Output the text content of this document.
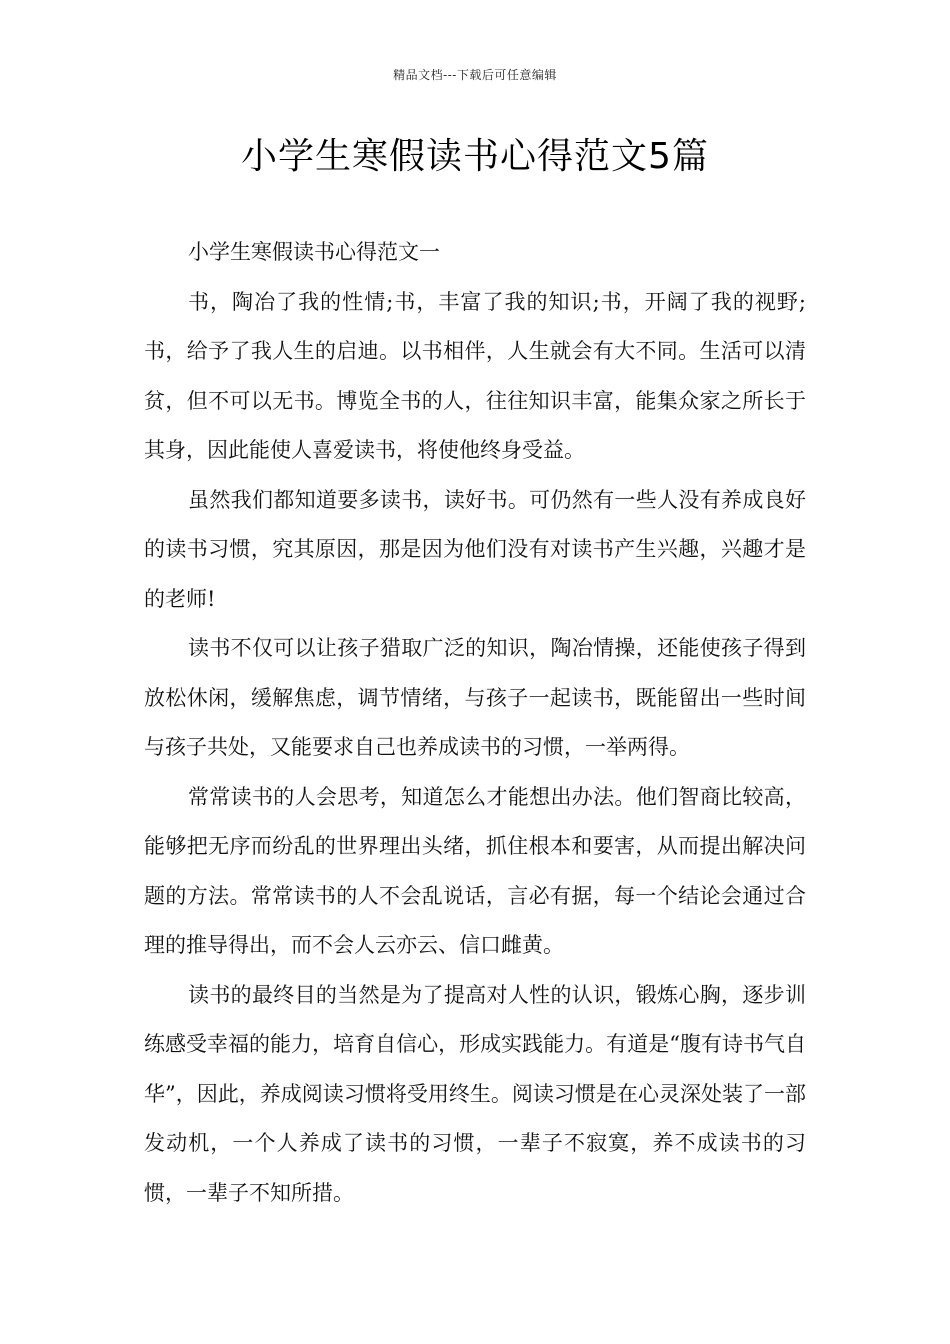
精品文档---下载后可任意编辑
小学生寒假读书心得范文5篇

小学生寒假读书心得范文一

书，陶冶了我的性情;书，丰富了我的知识;书，开阔了我的视野;书，给予了我人生的启迪。以书相伴，人生就会有大不同。生活可以清贫，但不可以无书。博览全书的人，往往知识丰富，能集众家之所长于其身，因此能使人喜爱读书，将使他终身受益。

虽然我们都知道要多读书，读好书。可仍然有一些人没有养成良好的读书习惯，究其原因，那是因为他们没有对读书产生兴趣，兴趣才是的老师!

读书不仅可以让孩子猎取广泛的知识，陶冶情操，还能使孩子得到放松休闲，缓解焦虑，调节情绪，与孩子一起读书，既能留出一些时间与孩子共处，又能要求自己也养成读书的习惯，一举两得。

常常读书的人会思考，知道怎么才能想出办法。他们智商比较高，能够把无序而纷乱的世界理出头绪，抓住根本和要害，从而提出解决问题的方法。常常读书的人不会乱说话，言必有据，每一个结论会通过合理的推导得出，而不会人云亦云、信口雌黄。

读书的最终目的当然是为了提高对人性的认识，锻炼心胸，逐步训练感受幸福的能力，培育自信心，形成实践能力。有道是“腹有诗书气自华”，因此，养成阅读习惯将受用终生。阅读习惯是在心灵深处装了一部发动机，一个人养成了读书的习惯，一辈子不寂寞，养不成读书的习惯，一辈子不知所措。
